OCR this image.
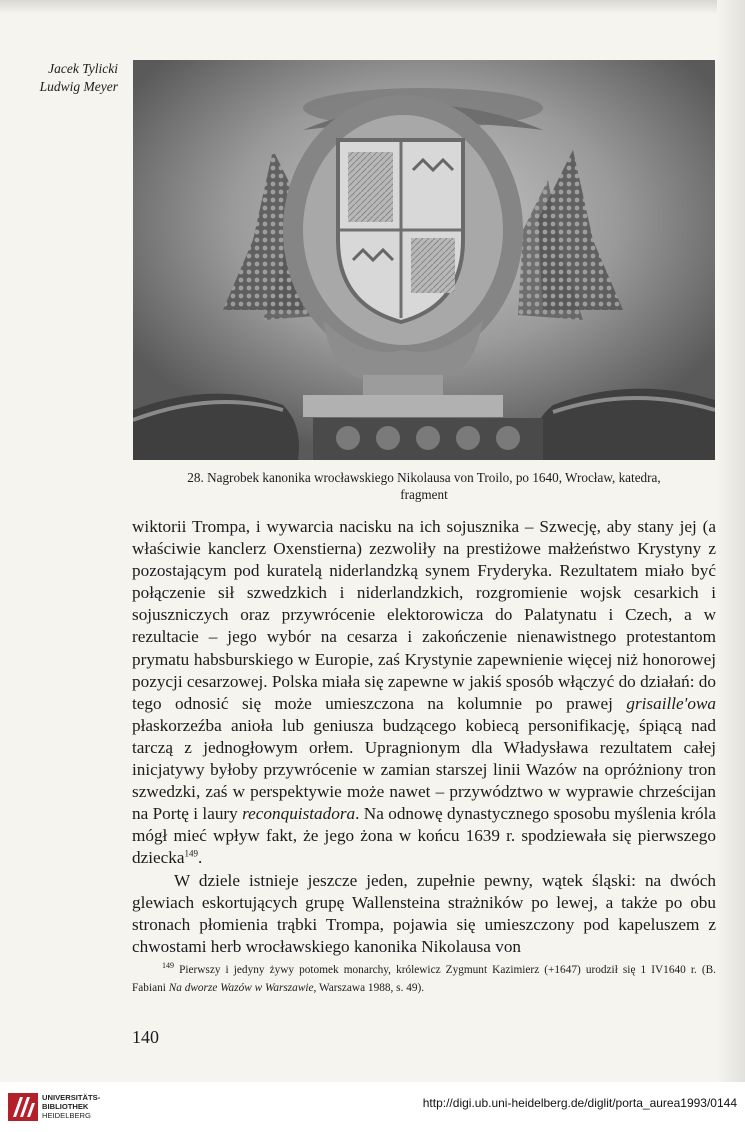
Jacek Tylicki
Ludwig Meyer
28. Nagrobek kanonika wrocławskiego Nikolausa von Troilo, po 1640, Wrocław, katedra,
fragment

wiktorii Trompa, i wywarcia nacisku na ich sojusznika – Szwecję, aby stany jej (a właściwie kanclerz Oxenstierna) zezwoliły na prestiżowe małżeństwo Krystyny z pozostającym pod kuratelą niderlandzką synem Fryderyka. Rezultatem miało być połączenie sił szwedzkich i niderlandzkich, rozgromienie wojsk cesarkich i sojuszniczych oraz przywrócenie elektorowicza do Palatynatu i Czech, a w rezultacie – jego wybór na cesarza i zakończenie nienawistnego protestantom prymatu habsburskiego w Europie, zaś Krystynie zapewnienie więcej niż honorowej pozycji cesarzowej. Polska miała się zapewne w jakiś sposób włączyć do działań: do tego odnosić się może umieszczona na kolumnie po prawej grisaille'owa płaskorzeźba anioła lub geniusza budzącego kobiecą personifikację, śpiącą nad tarczą z jednogłowym orłem. Upragnionym dla Władysława rezultatem całej inicjatywy byłoby przywrócenie w zamian starszej linii Wazów na opróżniony tron szwedzki, zaś w perspektywie może nawet – przywództwo w wyprawie chrześcijan na Portę i laury reconquistadora. Na odnowę dynastycznego sposobu myślenia króla mógł mieć wpływ fakt, że jego żona w końcu 1639 r. spodziewała się pierwszego dziecka$^{149}$.

W dziele istnieje jeszcze jeden, zupełnie pewny, wątek śląski: na dwóch glewiach eskortujących grupę Wallensteina strażników po lewej, a także po obu stronach płomienia trąbki Trompa, pojawia się umieszczony pod kapeluszem z chwostami herb wrocławskiego kanonika Nikolausa von

$^{149}$ Pierwszy i jedyny żywy potomek monarchy, królewicz Zygmunt Kazimierz (+1647) urodził się 1 IV1640 r. (B. Fabiani Na dworze Wazów w Warszawie, Warszawa 1988, s. 49).
140
UNIVERSITÄTS-
BIBLIOTHEK
HEIDELBERG
http://digi.ub.uni-heidelberg.de/diglit/porta_aurea1993/0144
